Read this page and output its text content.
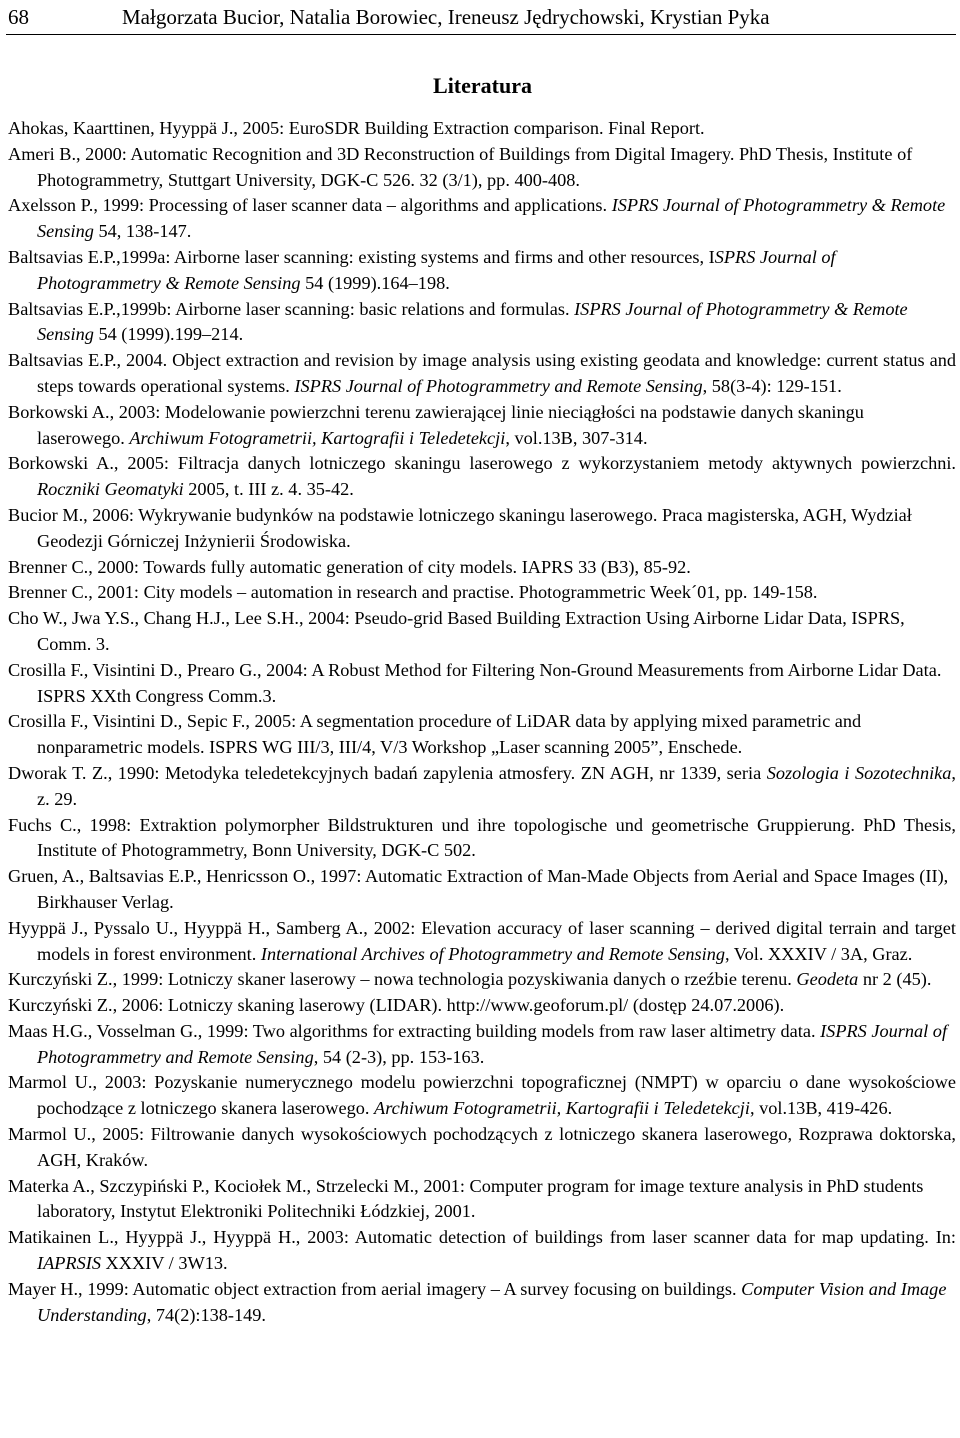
68	Małgorzata Bucior, Natalia Borowiec, Ireneusz Jędrychowski, Krystian Pyka
Literatura
Ahokas, Kaarttinen, Hyyppä J., 2005: EuroSDR Building Extraction comparison. Final Report.
Ameri B., 2000: Automatic Recognition and 3D Reconstruction of Buildings from Digital Imagery. PhD Thesis, Institute of Photogrammetry, Stuttgart University, DGK-C 526. 32 (3/1), pp. 400-408.
Axelsson P., 1999: Processing of laser scanner data – algorithms and applications. ISPRS Journal of Photogrammetry & Remote Sensing 54, 138-147.
Baltsavias E.P.,1999a: Airborne laser scanning: existing systems and firms and other resources, ISPRS Journal of Photogrammetry & Remote Sensing 54 (1999).164–198.
Baltsavias E.P.,1999b: Airborne laser scanning: basic relations and formulas. ISPRS Journal of Photogrammetry & Remote Sensing 54 (1999).199–214.
Baltsavias E.P., 2004. Object extraction and revision by image analysis using existing geodata and knowledge: current status and steps towards operational systems. ISPRS Journal of Photogrammetry and Remote Sensing, 58(3-4): 129-151.
Borkowski A., 2003: Modelowanie powierzchni terenu zawierającej linie nieciągłości na podstawie danych skaningu laserowego. Archiwum Fotogrametrii, Kartografii i Teledetekcji, vol.13B, 307-314.
Borkowski A., 2005: Filtracja danych lotniczego skaningu laserowego z wykorzystaniem metody aktywnych powierzchni. Roczniki Geomatyki 2005, t. III z. 4. 35-42.
Bucior M., 2006: Wykrywanie budynków na podstawie lotniczego skaningu laserowego. Praca magisterska, AGH, Wydział Geodezji Górniczej Inżynierii Środowiska.
Brenner C., 2000: Towards fully automatic generation of city models. IAPRS 33 (B3), 85-92.
Brenner C., 2001: City models – automation in research and practise. Photogrammetric Week´01, pp. 149-158.
Cho W., Jwa Y.S., Chang H.J., Lee S.H., 2004: Pseudo-grid Based Building Extraction Using Airborne Lidar Data, ISPRS, Comm. 3.
Crosilla F., Visintini D., Prearo G., 2004: A Robust Method for Filtering Non-Ground Measurements from Airborne Lidar Data. ISPRS XXth Congress Comm.3.
Crosilla F., Visintini D., Sepic F., 2005: A segmentation procedure of LiDAR data by applying mixed parametric and nonparametric models. ISPRS WG III/3, III/4, V/3 Workshop „Laser scanning 2005”, Enschede.
Dworak T. Z., 1990: Metodyka teledetekcyjnych badań zapylenia atmosfery. ZN AGH, nr 1339, seria Sozologia i Sozotechnika, z. 29.
Fuchs C., 1998: Extraktion polymorpher Bildstrukturen und ihre topologische und geometrische Gruppierung. PhD Thesis, Institute of Photogrammetry, Bonn University, DGK-C 502.
Gruen, A., Baltsavias E.P., Henricsson O., 1997: Automatic Extraction of Man-Made Objects from Aerial and Space Images (II), Birkhauser Verlag.
Hyyppä J., Pyssalo U., Hyyppä H., Samberg A., 2002: Elevation accuracy of laser scanning – derived digital terrain and target models in forest environment. International Archives of Photogrammetry and Remote Sensing, Vol. XXXIV / 3A, Graz.
Kurczyński Z., 1999: Lotniczy skaner laserowy – nowa technologia pozyskiwania danych o rzeźbie terenu. Geodeta nr 2 (45).
Kurczyński Z., 2006: Lotniczy skaning laserowy (LIDAR). http://www.geoforum.pl/ (dostęp 24.07.2006).
Maas H.G., Vosselman G., 1999: Two algorithms for extracting building models from raw laser altimetry data. ISPRS Journal of Photogrammetry and Remote Sensing, 54 (2-3), pp. 153-163.
Marmol U., 2003: Pozyskanie numerycznego modelu powierzchni topograficznej (NMPT) w oparciu o dane wysokościowe pochodzące z lotniczego skanera laserowego. Archiwum Fotogrametrii, Kartografii i Teledetekcji, vol.13B, 419-426.
Marmol U., 2005: Filtrowanie danych wysokościowych pochodzących z lotniczego skanera laserowego, Rozprawa doktorska, AGH, Kraków.
Materka A., Szczypiński P., Kociołek M., Strzelecki M., 2001: Computer program for image texture analysis in PhD students laboratory, Instytut Elektroniki Politechniki Łódzkiej, 2001.
Matikainen L., Hyyppä J., Hyyppä H., 2003: Automatic detection of buildings from laser scanner data for map updating. In: IAPRSIS XXXIV / 3W13.
Mayer H., 1999: Automatic object extraction from aerial imagery – A survey focusing on buildings. Computer Vision and Image Understanding, 74(2):138-149.
